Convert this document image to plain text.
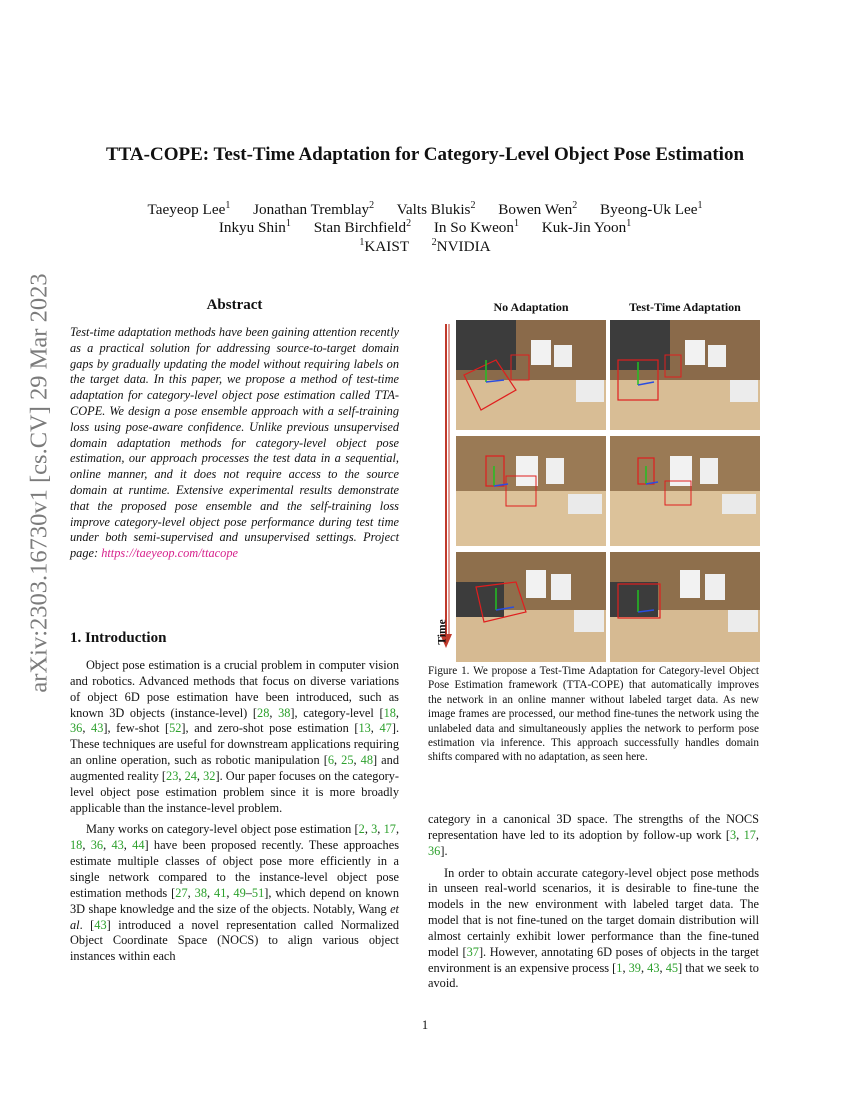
arXiv:2303.16730v1 [cs.CV] 29 Mar 2023
TTA-COPE: Test-Time Adaptation for Category-Level Object Pose Estimation
Taeyeop Lee$^1$ Jonathan Tremblay$^2$ Valts Blukis$^2$ Bowen Wen$^2$ Byeong-Uk Lee$^1$
Inkyu Shin$^1$ Stan Birchfield$^2$ In So Kweon$^1$ Kuk-Jin Yoon$^1$
$^1$KAIST $^2$NVIDIA
Abstract
Test-time adaptation methods have been gaining attention recently as a practical solution for addressing source-to-target domain gaps by gradually updating the model without requiring labels on the target data. In this paper, we propose a method of test-time adaptation for category-level object pose estimation called TTA-COPE. We design a pose ensemble approach with a self-training loss using pose-aware confidence. Unlike previous unsupervised domain adaptation methods for category-level object pose estimation, our approach processes the test data in a sequential, online manner, and it does not require access to the source domain at runtime. Extensive experimental results demonstrate that the proposed pose ensemble and the self-training loss improve category-level object pose performance during test time under both semi-supervised and unsupervised settings. Project page: https://taeyeop.com/ttacope
1. Introduction

Object pose estimation is a crucial problem in computer vision and robotics. Advanced methods that focus on diverse variations of object 6D pose estimation have been introduced, such as known 3D objects (instance-level) [28, 38], category-level [18, 36, 43], few-shot [52], and zero-shot pose estimation [13, 47]. These techniques are useful for downstream applications requiring an online operation, such as robotic manipulation [6, 25, 48] and augmented reality [23, 24, 32]. Our paper focuses on the category-level object pose estimation problem since it is more broadly applicable than the instance-level problem.

Many works on category-level object pose estimation [2, 3, 17, 18, 36, 43, 44] have been proposed recently. These approaches estimate multiple classes of object pose more efficiently in a single network compared to the instance-level object pose estimation methods [27, 38, 41, 49–51], which depend on known 3D shape knowledge and the size of the objects. Notably, Wang et al. [43] introduced a novel representation called Normalized Object Coordinate Space (NOCS) to align various object instances within each

No Adaptation	Test-Time Adaptation
Time
Figure 1. We propose a Test-Time Adaptation for Category-level Object Pose Estimation framework (TTA-COPE) that automatically improves the network in an online manner without labeled target data. As new image frames are processed, our method fine-tunes the network using the unlabeled data and simultaneously applies the network to perform pose estimation via inference. This approach successfully handles domain shifts compared with no adaptation, as seen here.

category in a canonical 3D space. The strengths of the NOCS representation have led to its adoption by follow-up work [3, 17, 36].

In order to obtain accurate category-level object pose methods in unseen real-world scenarios, it is desirable to fine-tune the models in the new environment with labeled target data. The model that is not fine-tuned on the target domain distribution will almost certainly exhibit lower performance than the fine-tuned model [37]. However, annotating 6D poses of objects in the target environment is an expensive process [1, 39, 43, 45] that we seek to avoid.

1
